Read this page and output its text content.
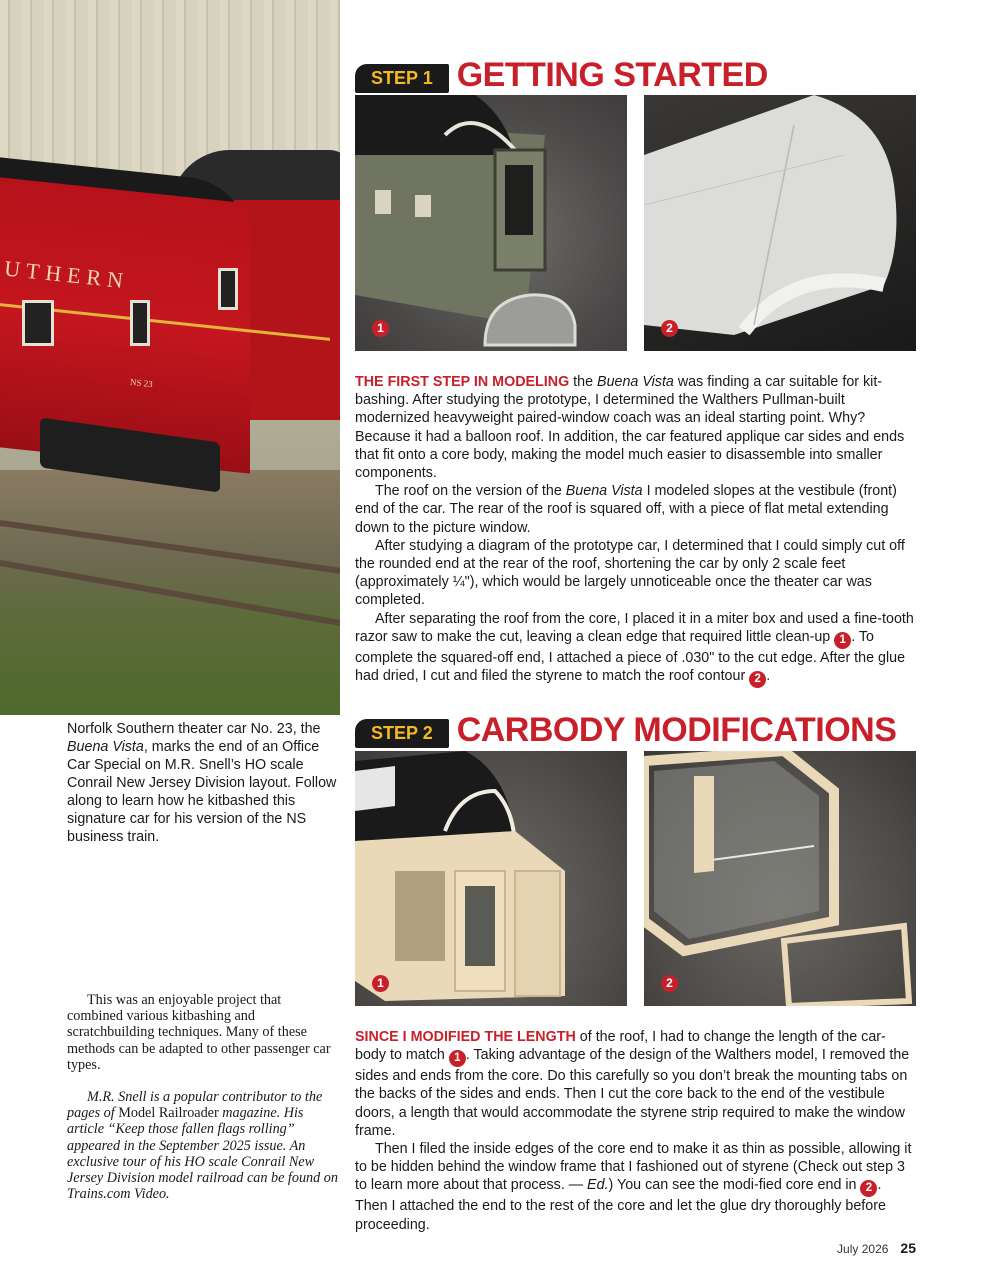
UTHERN
NS 23
Norfolk Southern theater car No. 23, the Buena Vista, marks the end of an Office Car Special on M.R. Snell’s HO scale Conrail New Jersey Division layout. Follow along to learn how he kitbashed this signature car for his version of the NS business train.

This was an enjoyable project that combined various kitbashing and scratchbuilding techniques. Many of these methods can be adapted to other passenger car types.

M.R. Snell is a popular contributor to the pages of Model Railroader magazine. His article “Keep those fallen flags rolling” appeared in the September 2025 issue. An exclusive tour of his HO scale Conrail New Jersey Division model railroad can be found on Trains.com Video.

STEP 1 GETTING STARTED
1	2

THE FIRST STEP IN MODELING the Buena Vista was finding a car suitable for kit-bashing. After studying the prototype, I determined the Walthers Pullman-built modernized heavyweight paired-window coach was an ideal starting point. Why? Because it had a balloon roof. In addition, the car featured applique car sides and ends that fit onto a core body, making the model much easier to disassemble into smaller components.

The roof on the version of the Buena Vista I modeled slopes at the vestibule (front) end of the car. The rear of the roof is squared off, with a piece of flat metal extending down to the picture window.

After studying a diagram of the prototype car, I determined that I could simply cut off the rounded end at the rear of the roof, shortening the car by only 2 scale feet (approximately ¼"), which would be largely unnoticeable once the theater car was completed.

After separating the roof from the core, I placed it in a miter box and used a fine-tooth razor saw to make the cut, leaving a clean edge that required little clean-up 1 . To complete the squared-off end, I attached a piece of .030" to the cut edge. After the glue had dried, I cut and filed the styrene to match the roof contour 2 .

STEP 2 CARBODY MODIFICATIONS
1	2

SINCE I MODIFIED THE LENGTH of the roof, I had to change the length of the car-body to match 1 . Taking advantage of the design of the Walthers model, I removed the sides and ends from the core. Do this carefully so you don’t break the mounting tabs on the backs of the sides and ends. Then I cut the core back to the end of the vestibule doors, a length that would accommodate the styrene strip required to make the window frame.

Then I filed the inside edges of the core end to make it as thin as possible, allowing it to be hidden behind the window frame that I fashioned out of styrene (Check out step 3 to learn more about that process. — Ed.) You can see the modi-fied core end in 2 . Then I attached the end to the rest of the core and let the glue dry thoroughly before proceeding.

July 2026 25
